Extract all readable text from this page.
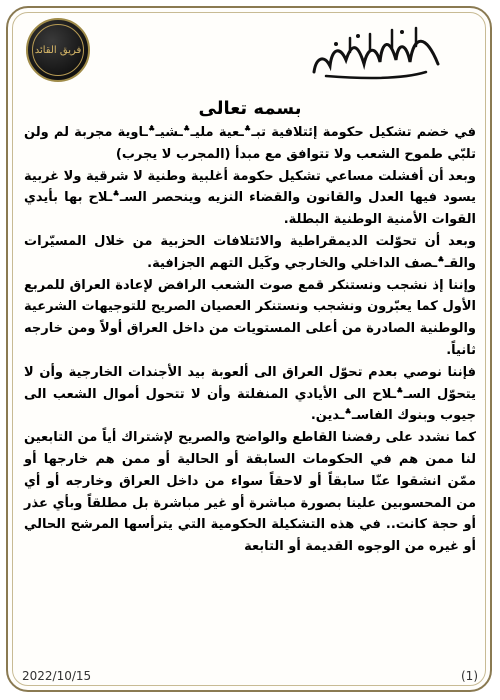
فريق القائد
بسمه تعالى

في خضم تشكيل حكومة إئتلافية تبـ؞ـعية مليـ؞ـشيـ؞ـاوية مجربة لم ولن تلبّي طموح الشعب ولا تتوافق مع مبدأ (المجرب لا يجرب)

وبعد أن أفشلت مساعي تشكيل حكومة أغلبية وطنية لا شرقية ولا غربية يسود فيها العدل والقانون والقضاء النزيه وينحصر السـ؞ـلاح بها بأيدي القوات الأمنية الوطنية البطلة.

وبعد أن تحوّلت الديمقراطية والائتلافات الحزبية من خلال المسيّرات والقـ؞ـصف الداخلي والخارجي وكَيل التهم الجزافية.

وإننا إذ نشجب ونستنكر قمع صوت الشعب الرافض لإعادة العراق للمربع الأول كما يعبّرون ونشجب ونستنكر العصيان الصريح للتوجيهات الشرعية والوطنية الصادرة من أعلى المستويات من داخل العراق أولاً ومن خارجه ثانياً.

فإننا نوصي بعدم تحوّل العراق الى ألعوبة بيد الأجندات الخارجية وأن لا يتحوّل السـ؞ـلاح الى الأيادي المنفلتة وأن لا تتحول أموال الشعب الى جيوب وبنوك الفاسـ؞ـدين.

كما نشدد على رفضنا القاطع والواضح والصريح لإشتراك أياً من التابعين لنا ممن هم في الحكومات السابقة أو الحالية أو ممن هم خارجها أو ممّن انشقوا عنّا سابقاً أو لاحقاً سواء من داخل العراق وخارجه أو أي من المحسوبين علينا بصورة مباشرة أو غير مباشرة بل مطلقاً وبأي عذر أو حجة كانت.. في هذه التشكيلة الحكومية التي يترأسها المرشح الحالي أو غيره من الوجوه القديمة أو التابعة

2022/10/15	(1)
